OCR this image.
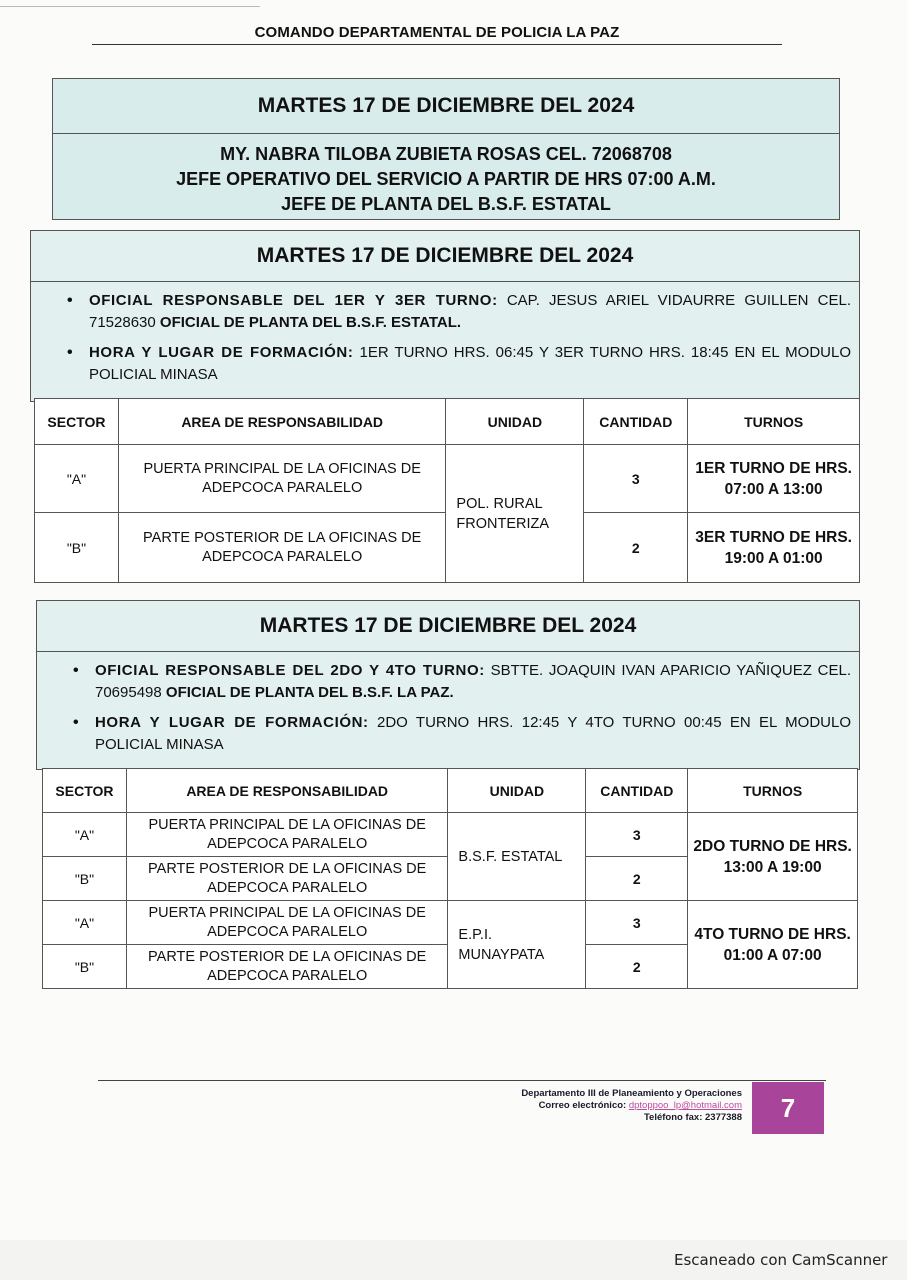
COMANDO DEPARTAMENTAL DE POLICIA LA PAZ
MARTES 17 DE DICIEMBRE DEL 2024
MY. NABRA TILOBA ZUBIETA ROSAS CEL. 72068708
JEFE OPERATIVO DEL SERVICIO A PARTIR DE HRS 07:00 A.M.
JEFE DE PLANTA DEL B.S.F. ESTATAL
MARTES 17 DE DICIEMBRE DEL 2024
• OFICIAL RESPONSABLE DEL 1ER Y 3ER TURNO: CAP. JESUS ARIEL VIDAURRE GUILLEN CEL. 71528630 OFICIAL DE PLANTA DEL B.S.F. ESTATAL.
• HORA Y LUGAR DE FORMACIÓN: 1ER TURNO HRS. 06:45 Y 3ER TURNO HRS. 18:45 EN EL MODULO POLICIAL MINASA
SECTOR	AREA DE RESPONSABILIDAD	UNIDAD	CANTIDAD	TURNOS
"A"	PUERTA PRINCIPAL DE LA OFICINAS DE ADEPCOCA PARALELO	POL. RURAL FRONTERIZA	3	1ER TURNO DE HRS. 07:00 A 13:00
"B"	PARTE POSTERIOR DE LA OFICINAS DE ADEPCOCA PARALELO		2	3ER TURNO DE HRS. 19:00 A 01:00
MARTES 17 DE DICIEMBRE DEL 2024
• OFICIAL RESPONSABLE DEL 2DO Y 4TO TURNO: SBTTE. JOAQUIN IVAN APARICIO YAÑIQUEZ CEL. 70695498 OFICIAL DE PLANTA DEL B.S.F. LA PAZ.
• HORA Y LUGAR DE FORMACIÓN: 2DO TURNO HRS. 12:45 Y 4TO TURNO 00:45 EN EL MODULO POLICIAL MINASA
SECTOR	AREA DE RESPONSABILIDAD	UNIDAD	CANTIDAD	TURNOS
"A"	PUERTA PRINCIPAL DE LA OFICINAS DE ADEPCOCA PARALELO	B.S.F. ESTATAL	3	2DO TURNO DE HRS. 13:00 A 19:00
"B"	PARTE POSTERIOR DE LA OFICINAS DE ADEPCOCA PARALELO		2	
"A"	PUERTA PRINCIPAL DE LA OFICINAS DE ADEPCOCA PARALELO	E.P.I. MUNAYPATA	3	4TO TURNO DE HRS. 01:00 A 07:00
"B"	PARTE POSTERIOR DE LA OFICINAS DE ADEPCOCA PARALELO		2	
Departamento III de Planeamiento y Operaciones
Correo electrónico: dptoppoo_lp@hotmail.com
Teléfono fax: 2377388	7
Escaneado con CamScanner
